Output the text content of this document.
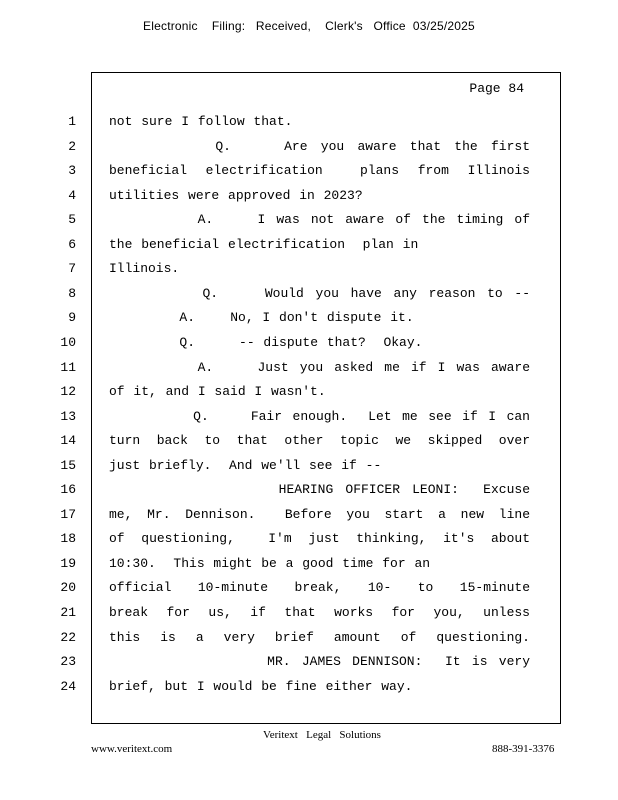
Electronic    Filing:   Received,    Clerk's   Office  03/25/2025
Page 84
1	not sure I follow that.
2	Q.    Are you aware that the first
3	beneficial electrification  plans from Illinois
4	utilities were approved in 2023?
5	A.    I was not aware of the timing of
6	the beneficial electrification  plan in
7	Illinois.
8	Q.    Would you have any reason to --
9	A.    No, I don't dispute it.
10	Q.     -- dispute that?  Okay.
11	A.    Just you asked me if I was aware
12	of it, and I said I wasn't.
13	Q.    Fair enough.  Let me see if I can
14	turn back to that other topic we skipped over
15	just briefly.  And we'll see if --
16	HEARING OFFICER LEONI:  Excuse
17	me, Mr. Dennison.  Before you start a new line
18	of questioning,  I'm just thinking, it's about
19	10:30.  This might be a good time for an
20	official 10-minute break, 10- to 15-minute
21	break for us, if that works for you, unless
22	this is a very brief amount of questioning.
23	MR. JAMES DENNISON:  It is very
24	brief, but I would be fine either way.
Veritext   Legal   Solutions
www.veritext.com	888-391-3376
